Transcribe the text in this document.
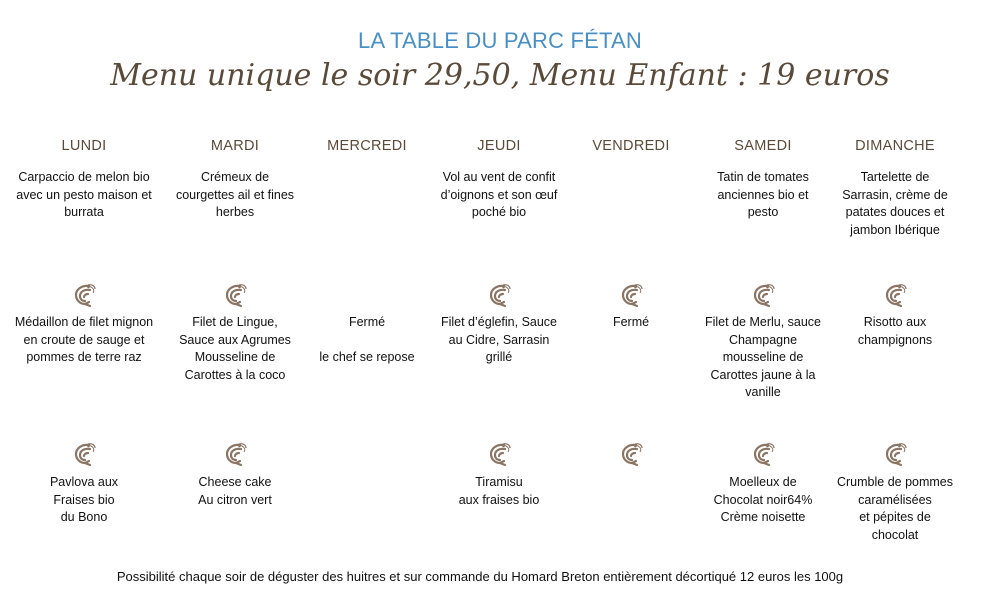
LA TABLE DU PARC FÉTAN
Menu unique le soir 29,50, Menu Enfant : 19 euros
LUNDI
Carpaccio de melon bio
avec un pesto maison et
burrata
Médaillon de filet mignon
en croute de sauge et
pommes de terre raz
Pavlova aux
Fraises bio
du Bono
MARDI
Crémeux de
courgettes ail et fines
herbes
Filet de Lingue,
Sauce aux Agrumes
Mousseline de
Carottes à la coco
Cheese cake
Au citron vert
MERCREDI
Fermé

le chef se repose
JEUDI
Vol au vent de confit
d’oignons et son œuf
poché bio
Filet d’églefin, Sauce
au Cidre, Sarrasin
grillé
Tiramisu
aux fraises bio
VENDREDI
Fermé
SAMEDI
Tatin de tomates
anciennes bio et
pesto
Filet de Merlu, sauce
Champagne
mousseline de
Carottes jaune à la
vanille
Moelleux de
Chocolat noir64%
Crème noisette
DIMANCHE
Tartelette de
Sarrasin, crème de
patates douces et
jambon Ibérique
Risotto aux
champignons
Crumble de pommes
caramélisées
et pépites de
chocolat
Possibilité chaque soir de déguster des huitres et sur commande du Homard Breton entièrement décortiqué 12 euros les 100g
